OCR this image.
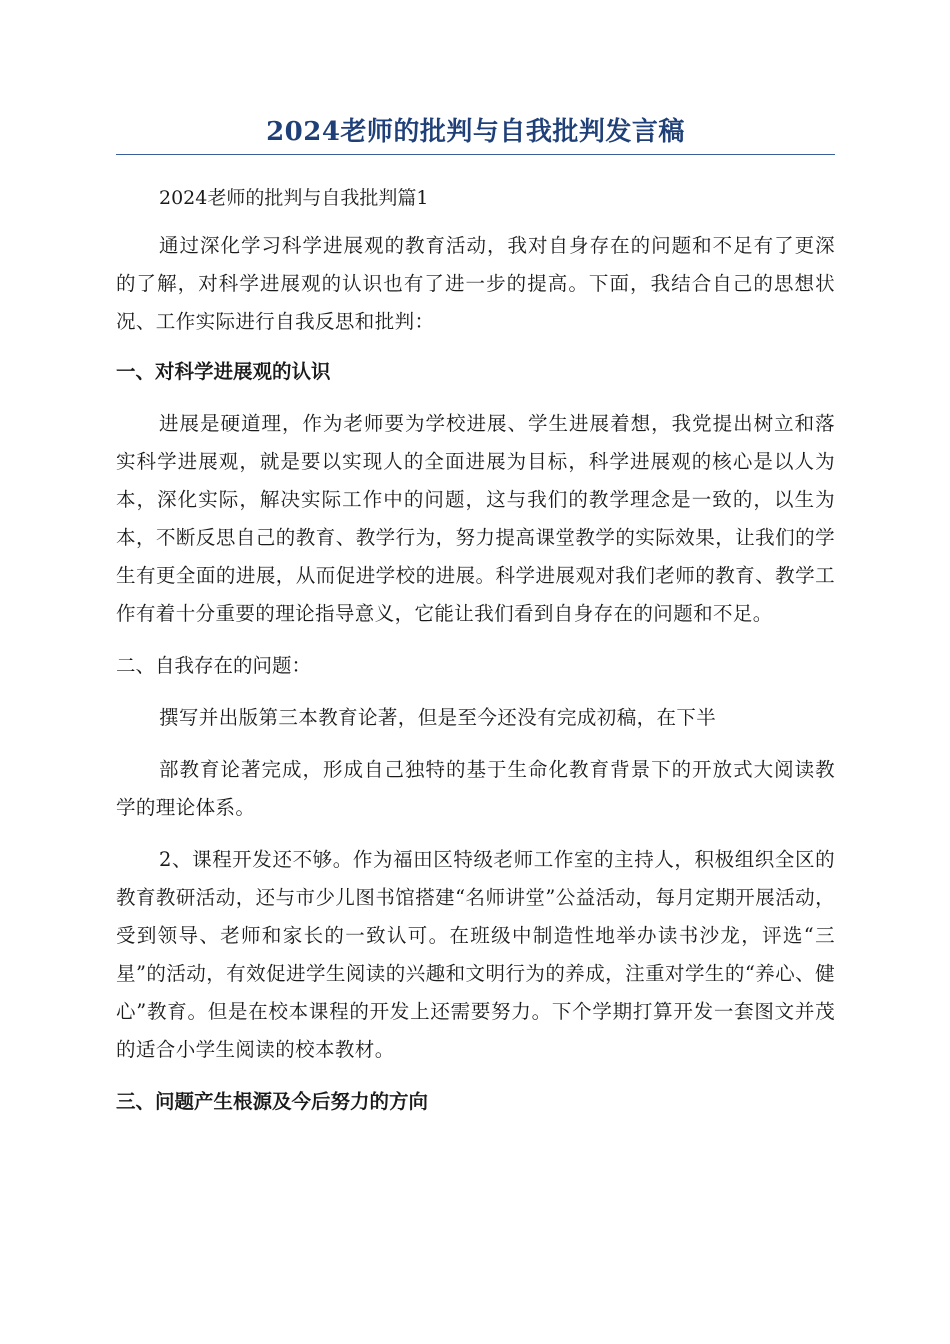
2024老师的批判与自我批判发言稿
2024老师的批判与自我批判篇1

通过深化学习科学进展观的教育活动，我对自身存在的问题和不足有了更深的了解，对科学进展观的认识也有了进一步的提高。下面，我结合自己的思想状况、工作实际进行自我反思和批判：

一、对科学进展观的认识

进展是硬道理，作为老师要为学校进展、学生进展着想，我党提出树立和落实科学进展观，就是要以实现人的全面进展为目标，科学进展观的核心是以人为本，深化实际，解决实际工作中的问题，这与我们的教学理念是一致的，以生为本，不断反思自己的教育、教学行为，努力提高课堂教学的实际效果，让我们的学生有更全面的进展，从而促进学校的进展。科学进展观对我们老师的教育、教学工作有着十分重要的理论指导意义，它能让我们看到自身存在的问题和不足。

二、自我存在的问题：

撰写并出版第三本教育论著，但是至今还没有完成初稿，在下半

部教育论著完成，形成自己独特的基于生命化教育背景下的开放式大阅读教学的理论体系。

2、课程开发还不够。作为福田区特级老师工作室的主持人，积极组织全区的教育教研活动，还与市少儿图书馆搭建“名师讲堂”公益活动，每月定期开展活动，受到领导、老师和家长的一致认可。在班级中制造性地举办读书沙龙，评选“三星”的活动，有效促进学生阅读的兴趣和文明行为的养成，注重对学生的“养心、健心”教育。但是在校本课程的开发上还需要努力。下个学期打算开发一套图文并茂的适合小学生阅读的校本教材。

三、问题产生根源及今后努力的方向
